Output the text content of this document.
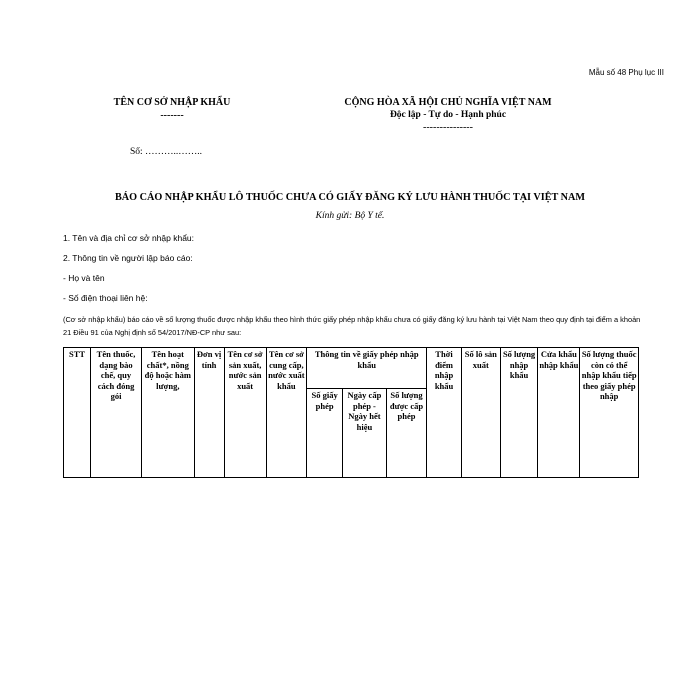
Mẫu số 48 Phụ lục III
TÊN CƠ SỞ NHẬP KHẨU
-------
CỘNG HÒA XÃ HỘI CHỦ NGHĨA VIỆT NAM
Độc lập - Tự do - Hạnh phúc
---------------
Số: ………..……..
BÁO CÁO NHẬP KHẨU LÔ THUỐC CHƯA CÓ GIẤY ĐĂNG KÝ LƯU HÀNH THUỐC TẠI VIỆT NAM
Kính gửi: Bộ Y tế.
1. Tên và địa chỉ cơ sở nhập khẩu:
2. Thông tin về người lập báo cáo:
- Họ và tên
- Số điện thoại liên hệ:
(Cơ sở nhập khẩu) báo cáo về số lượng thuốc được nhập khẩu theo hình thức giấy phép nhập khẩu chưa có giấy đăng ký lưu hành tại Việt Nam theo quy định tại điểm a khoản 21 Điều 91 của Nghị định số 54/2017/NĐ-CP như sau:
STT	Tên thuốc, dạng bào chế, quy cách đóng gói	Tên hoạt chất*, nồng độ hoặc hàm lượng,	Đơn vị tính	Tên cơ sở sản xuất, nước sản xuất	Tên cơ sở cung cấp, nước xuất khẩu	Thông tin về giấy phép nhập khẩu			Thời điểm nhập khẩu	Số lô sản xuất	Số lượng nhập khẩu	Cửa khẩu nhập khẩu	Số lượng thuốc còn có thể nhập khẩu tiếp theo giấy phép nhập
						Số giấy phép	Ngày cấp phép - Ngày hết hiệu	Số lượng được cấp phép					
